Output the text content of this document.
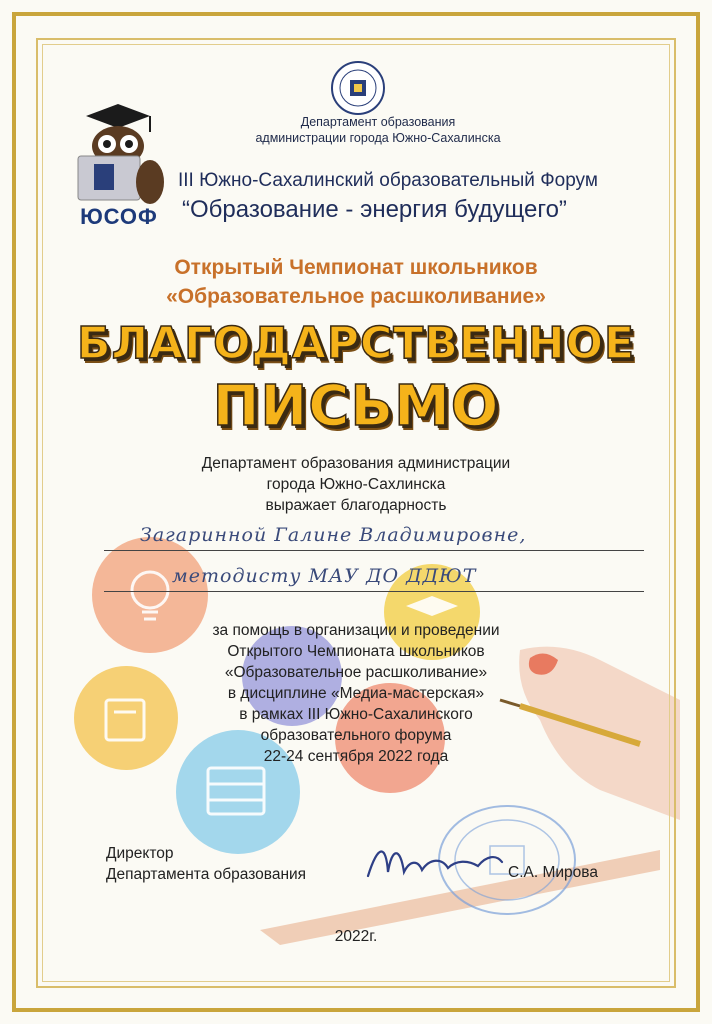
Департамент образования
администрации города Южно-Сахалинска
ЮСОФ
III Южно-Сахалинский образовательный Форум
“Образование - энергия будущего”
Открытый Чемпионат школьников
«Образовательное расшколивание»
БЛАГОДАРСТВЕННОЕ
ПИСЬМО
Департамент образования администрации
города Южно-Сахлинска
выражает благодарность
Загаринной Галине Владимировне,
методисту МАУ ДО ДДЮТ
за помощь в организации и проведении
Открытого Чемпионата школьников
«Образовательное расшколивание»
в дисциплине «Медиа-мастерская»
в рамках III Южно-Сахалинского
образовательного форума
22-24 сентября 2022 года
Директор
Департамента образования	С.А. Мирова
2022г.
